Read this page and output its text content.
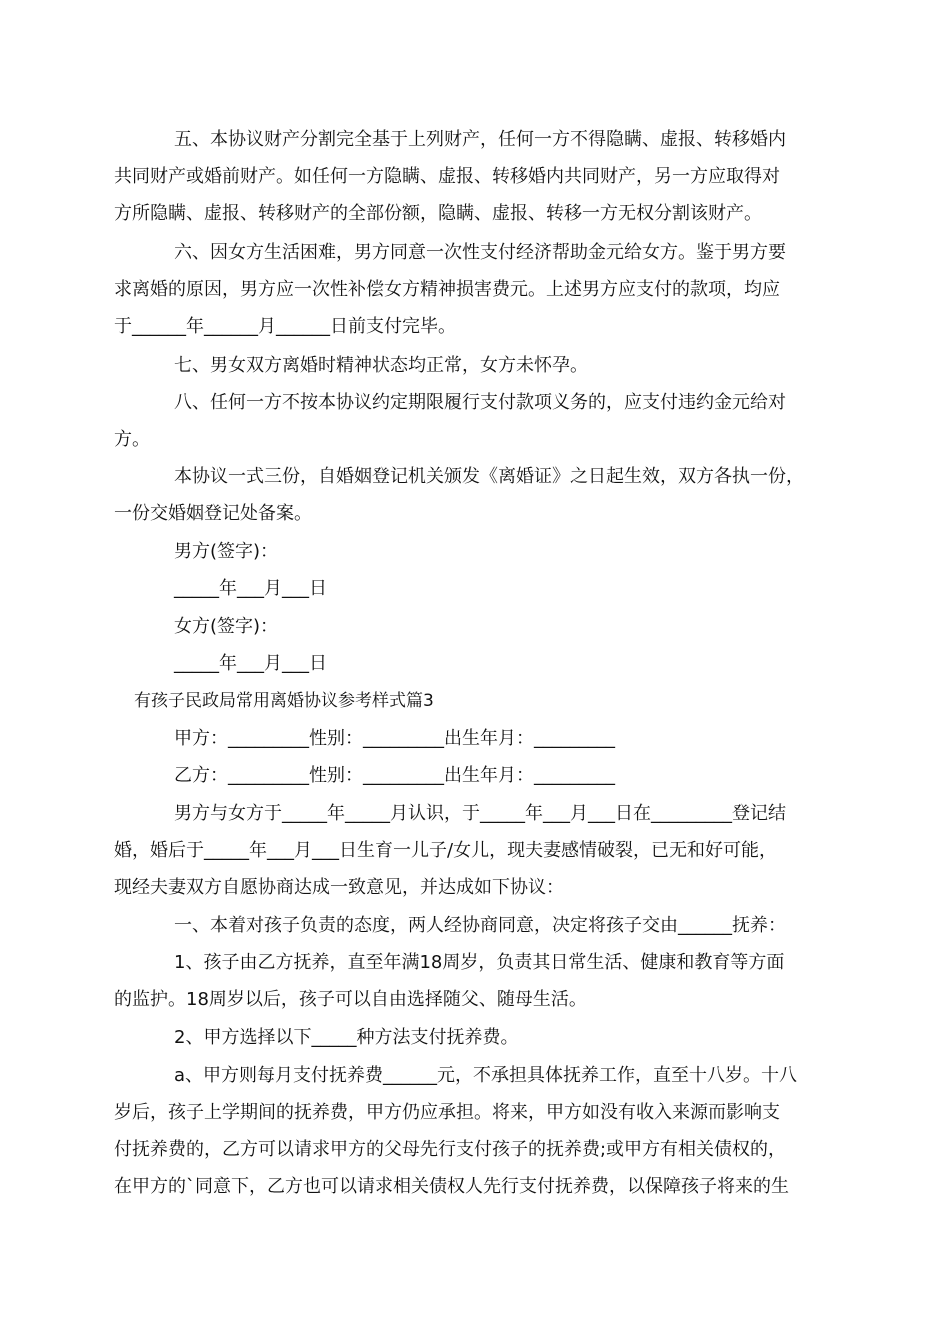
五、本协议财产分割完全基于上列财产，任何一方不得隐瞒、虚报、转移婚内

共同财产或婚前财产。如任何一方隐瞒、虚报、转移婚内共同财产，另一方应取得对

方所隐瞒、虚报、转移财产的全部份额，隐瞒、虚报、转移一方无权分割该财产。

六、因女方生活困难，男方同意一次性支付经济帮助金元给女方。鉴于男方要

求离婚的原因，男方应一次性补偿女方精神损害费元。上述男方应支付的款项，均应

于______年______月______日前支付完毕。

七、男女双方离婚时精神状态均正常，女方未怀孕。

八、任何一方不按本协议约定期限履行支付款项义务的，应支付违约金元给对

方。

本协议一式三份，自婚姻登记机关颁发《离婚证》之日起生效，双方各执一份，

一份交婚姻登记处备案。

男方(签字)：

_____年___月___日

女方(签字)：

_____年___月___日

有孩子民政局常用离婚协议参考样式篇3

甲方：_________性别：_________出生年月：_________

乙方：_________性别：_________出生年月：_________

男方与女方于_____年_____月认识，于_____年___月___日在_________登记结

婚，婚后于_____年___月___日生育一儿子/女儿，现夫妻感情破裂，已无和好可能，

现经夫妻双方自愿协商达成一致意见，并达成如下协议：

一、本着对孩子负责的态度，两人经协商同意，决定将孩子交由______抚养：

1、孩子由乙方抚养，直至年满18周岁，负责其日常生活、健康和教育等方面

的监护。18周岁以后，孩子可以自由选择随父、随母生活。

2、甲方选择以下_____种方法支付抚养费。

a、甲方则每月支付抚养费______元，不承担具体抚养工作，直至十八岁。十八

岁后，孩子上学期间的抚养费，甲方仍应承担。将来，甲方如没有收入来源而影响支

付抚养费的，乙方可以请求甲方的父母先行支付孩子的抚养费;或甲方有相关债权的，

在甲方的`同意下，乙方也可以请求相关债权人先行支付抚养费，以保障孩子将来的生
